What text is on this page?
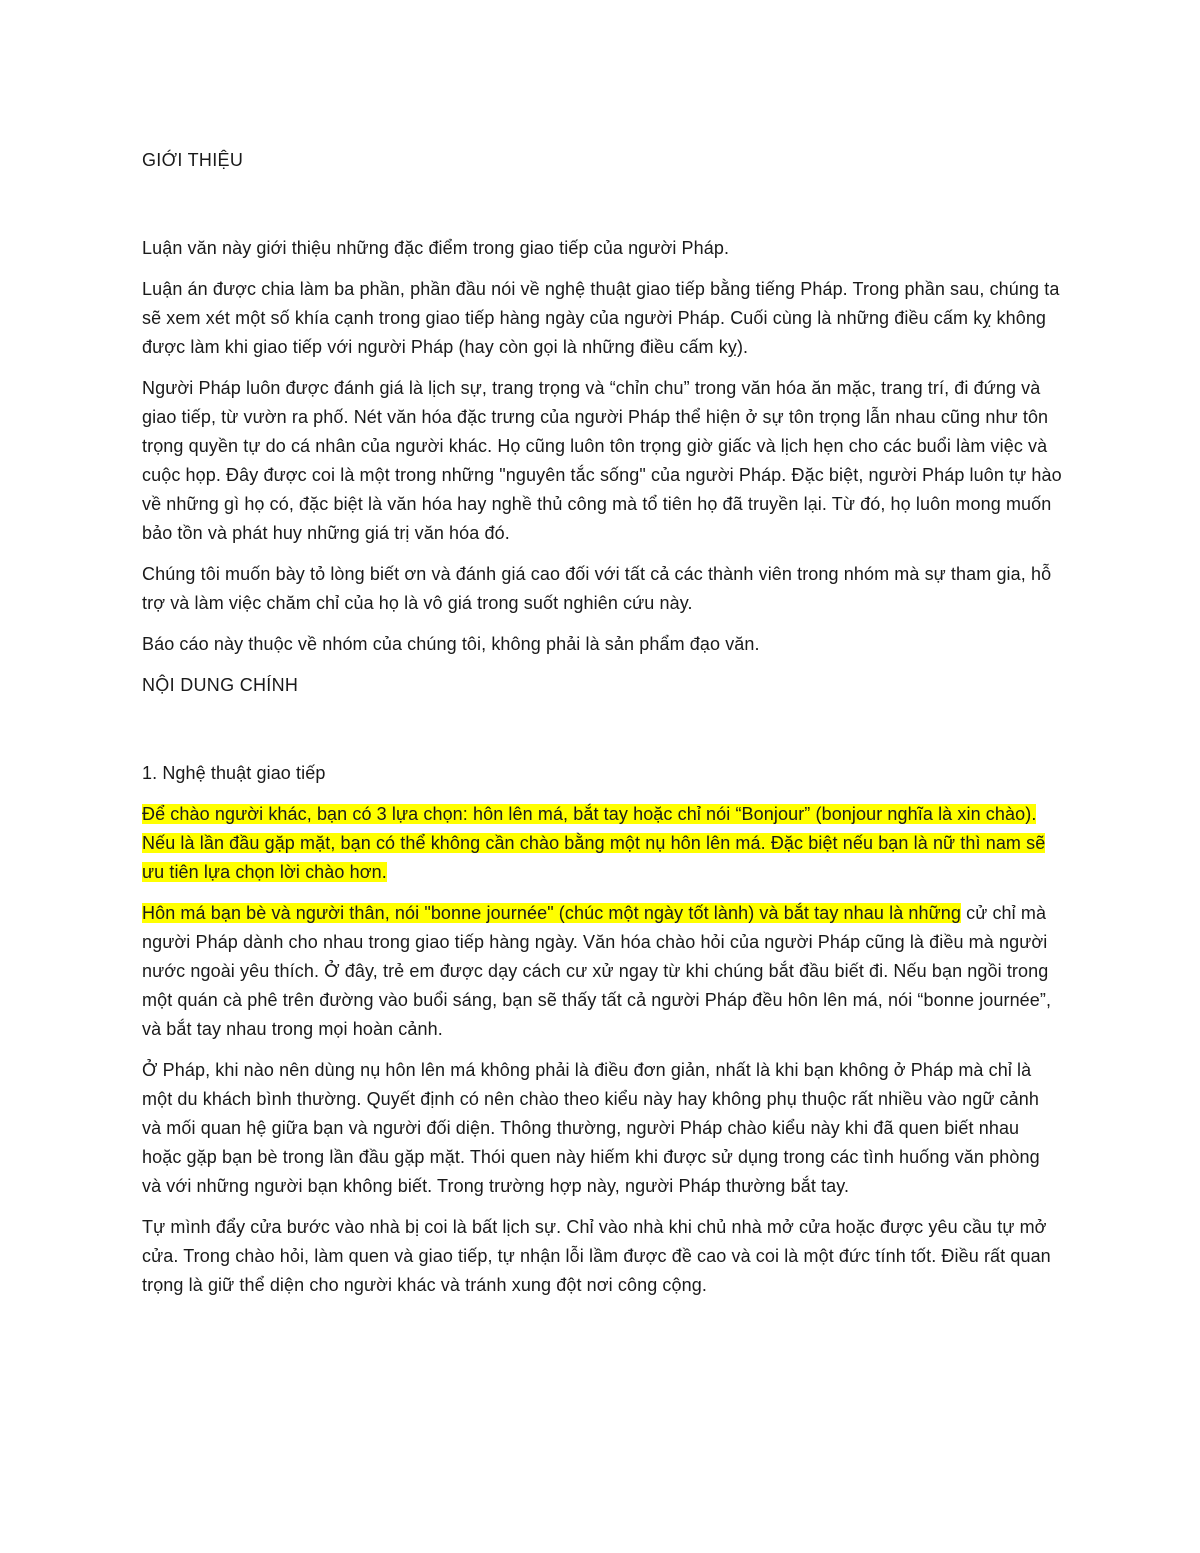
GIỚI THIỆU

Luận văn này giới thiệu những đặc điểm trong giao tiếp của người Pháp.

Luận án được chia làm ba phần, phần đầu nói về nghệ thuật giao tiếp bằng tiếng Pháp. Trong phần sau, chúng ta sẽ xem xét một số khía cạnh trong giao tiếp hàng ngày của người Pháp. Cuối cùng là những điều cấm kỵ không được làm khi giao tiếp với người Pháp (hay còn gọi là những điều cấm kỵ).

Người Pháp luôn được đánh giá là lịch sự, trang trọng và “chỉn chu” trong văn hóa ăn mặc, trang trí, đi đứng và giao tiếp, từ vườn ra phố. Nét văn hóa đặc trưng của người Pháp thể hiện ở sự tôn trọng lẫn nhau cũng như tôn trọng quyền tự do cá nhân của người khác. Họ cũng luôn tôn trọng giờ giấc và lịch hẹn cho các buổi làm việc và cuộc họp. Đây được coi là một trong những "nguyên tắc sống" của người Pháp. Đặc biệt, người Pháp luôn tự hào về những gì họ có, đặc biệt là văn hóa hay nghề thủ công mà tổ tiên họ đã truyền lại. Từ đó, họ luôn mong muốn bảo tồn và phát huy những giá trị văn hóa đó.

Chúng tôi muốn bày tỏ lòng biết ơn và đánh giá cao đối với tất cả các thành viên trong nhóm mà sự tham gia, hỗ trợ và làm việc chăm chỉ của họ là vô giá trong suốt nghiên cứu này.

Báo cáo này thuộc về nhóm của chúng tôi, không phải là sản phẩm đạo văn.

NỘI DUNG CHÍNH

1. Nghệ thuật giao tiếp

Để chào người khác, bạn có 3 lựa chọn: hôn lên má, bắt tay hoặc chỉ nói “Bonjour” (bonjour nghĩa là xin chào). Nếu là lần đầu gặp mặt, bạn có thể không cần chào bằng một nụ hôn lên má. Đặc biệt nếu bạn là nữ thì nam sẽ ưu tiên lựa chọn lời chào hơn.

Hôn má bạn bè và người thân, nói "bonne journée" (chúc một ngày tốt lành) và bắt tay nhau là những cử chỉ mà người Pháp dành cho nhau trong giao tiếp hàng ngày. Văn hóa chào hỏi của người Pháp cũng là điều mà người nước ngoài yêu thích. Ở đây, trẻ em được dạy cách cư xử ngay từ khi chúng bắt đầu biết đi. Nếu bạn ngồi trong một quán cà phê trên đường vào buổi sáng, bạn sẽ thấy tất cả người Pháp đều hôn lên má, nói “bonne journée”, và bắt tay nhau trong mọi hoàn cảnh.

Ở Pháp, khi nào nên dùng nụ hôn lên má không phải là điều đơn giản, nhất là khi bạn không ở Pháp mà chỉ là một du khách bình thường. Quyết định có nên chào theo kiểu này hay không phụ thuộc rất nhiều vào ngữ cảnh và mối quan hệ giữa bạn và người đối diện. Thông thường, người Pháp chào kiểu này khi đã quen biết nhau hoặc gặp bạn bè trong lần đầu gặp mặt. Thói quen này hiếm khi được sử dụng trong các tình huống văn phòng và với những người bạn không biết. Trong trường hợp này, người Pháp thường bắt tay.

Tự mình đẩy cửa bước vào nhà bị coi là bất lịch sự. Chỉ vào nhà khi chủ nhà mở cửa hoặc được yêu cầu tự mở cửa. Trong chào hỏi, làm quen và giao tiếp, tự nhận lỗi lầm được đề cao và coi là một đức tính tốt. Điều rất quan trọng là giữ thể diện cho người khác và tránh xung đột nơi công cộng.
